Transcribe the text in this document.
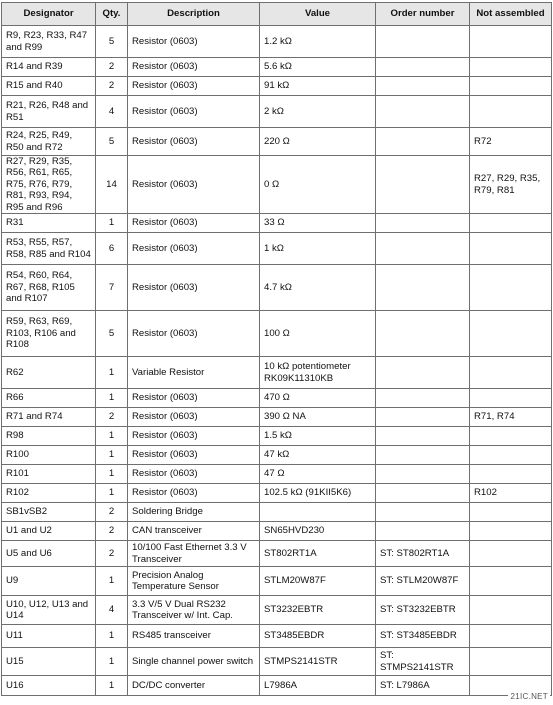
Designator	Qty.	Description	Value	Order number	Not assembled
R9, R23, R33, R47 and R99	5	Resistor (0603)	1.2 kΩ		
R14 and R39	2	Resistor (0603)	5.6 kΩ		
R15 and R40	2	Resistor (0603)	91 kΩ		
R21, R26, R48 and R51	4	Resistor (0603)	2 kΩ		
R24, R25, R49, R50 and R72	5	Resistor (0603)	220 Ω		R72
R27, R29, R35, R56, R61, R65, R75, R76, R79, R81, R93, R94, R95 and R96	14	Resistor (0603)	0 Ω		R27, R29, R35, R79, R81
R31	1	Resistor (0603)	33 Ω		
R53, R55, R57, R58, R85 and R104	6	Resistor (0603)	1 kΩ		
R54, R60, R64, R67, R68, R105 and R107	7	Resistor (0603)	4.7 kΩ		
R59, R63, R69, R103, R106 and R108	5	Resistor (0603)	100 Ω		
R62	1	Variable Resistor	10 kΩ potentiometer RK09K11310KB		
R66	1	Resistor (0603)	470 Ω		
R71 and R74	2	Resistor (0603)	390 Ω NA		R71, R74
R98	1	Resistor (0603)	1.5 kΩ		
R100	1	Resistor (0603)	47 kΩ		
R101	1	Resistor (0603)	47 Ω		
R102	1	Resistor (0603)	102.5 kΩ (91KII5K6)		R102
SB1vSB2	2	Soldering Bridge			
U1 and U2	2	CAN transceiver	SN65HVD230		
U5 and U6	2	10/100 Fast Ethernet 3.3 V Transceiver	ST802RT1A	ST: ST802RT1A	
U9	1	Precision Analog Temperature Sensor	STLM20W87F	ST: STLM20W87F	
U10, U12, U13 and U14	4	3.3 V/5 V Dual RS232 Transceiver w/ Int. Cap.	ST3232EBTR	ST: ST3232EBTR	
U11	1	RS485 transceiver	ST3485EBDR	ST: ST3485EBDR	
U15	1	Single channel power switch	STMPS2141STR	ST: STMPS2141STR	
U16	1	DC/DC converter	L7986A	ST: L7986A	
21IC.NET
